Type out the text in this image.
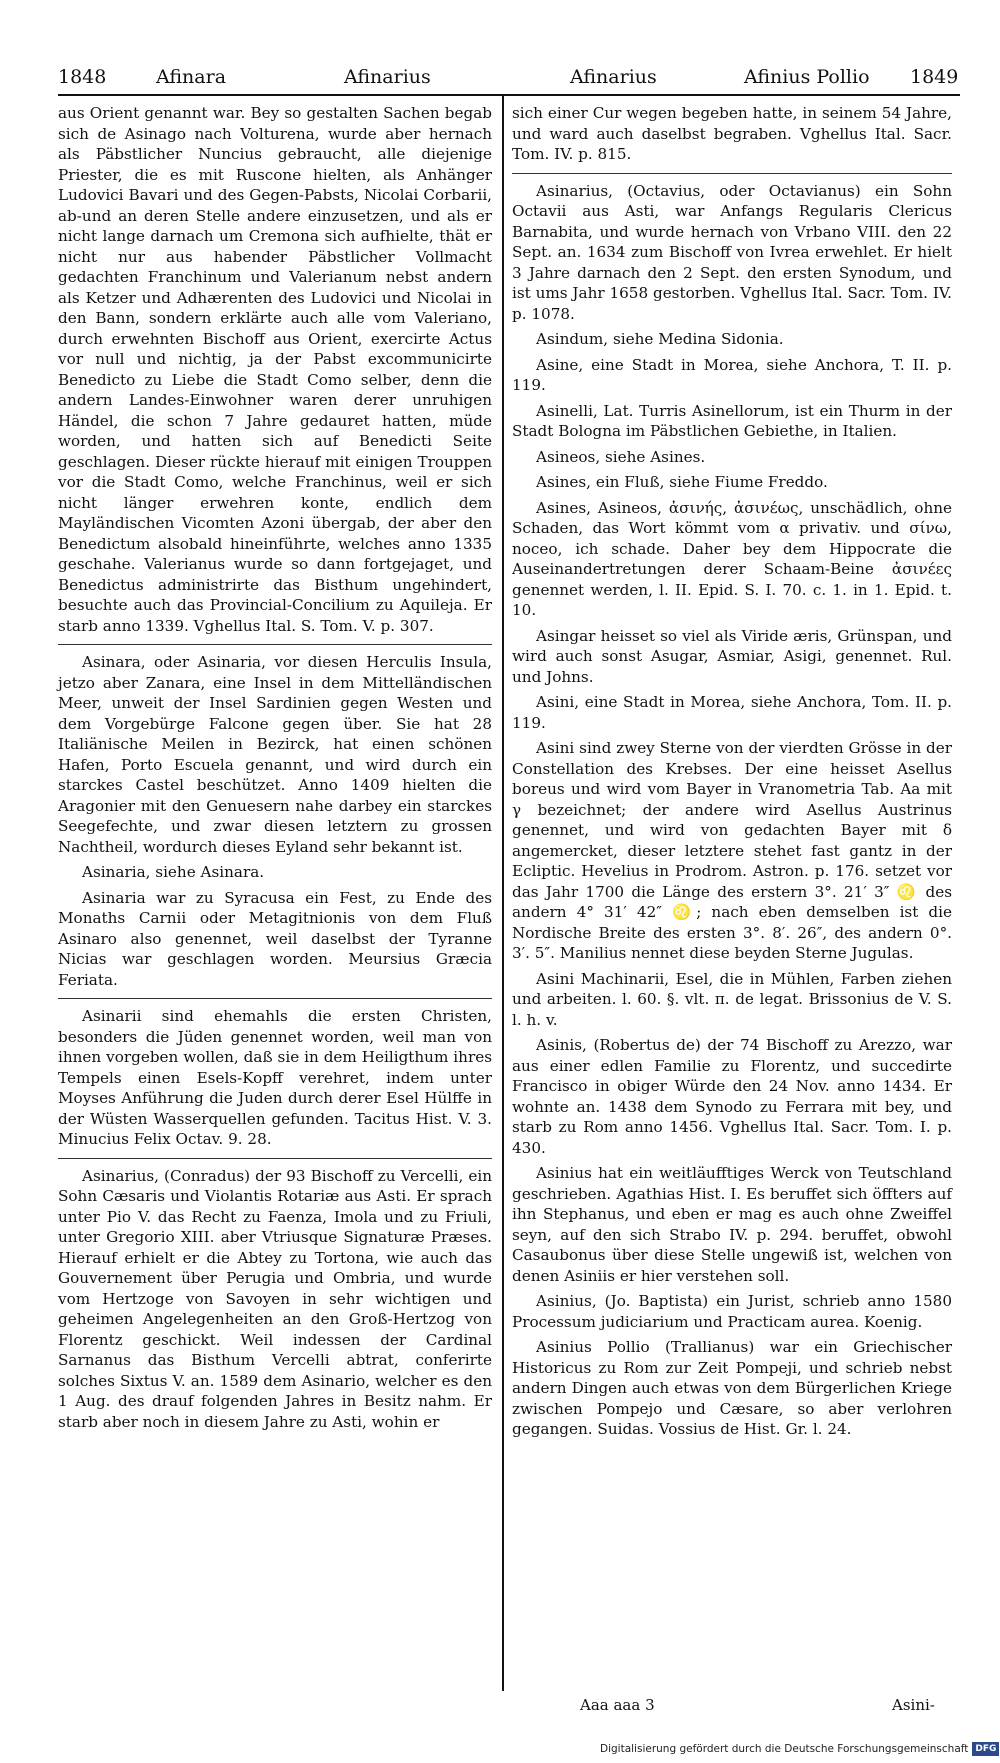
1848	Afinara	Afinarius	Afinarius	Afinius Pollio 1849

aus Orient genannt war. Bey so gestalten Sachen begab sich de Asinago nach Volturena, wurde aber hernach als Päbstlicher Nuncius gebraucht, alle diejenige Priester, die es mit Ruscone hielten, als Anhänger Ludovici Bavari und des Gegen-Pabsts, Nicolai Corbarii, ab-und an deren Stelle andere einzusetzen, und als er nicht lange darnach um Cremona sich aufhielte, thät er nicht nur aus habender Päbstlicher Vollmacht gedachten Franchinum und Valerianum nebst andern als Ketzer und Adhærenten des Ludovici und Nicolai in den Bann, sondern erklärte auch alle vom Valeriano, durch erwehnten Bischoff aus Orient, exercirte Actus vor null und nichtig, ja der Pabst excommunicirte Benedicto zu Liebe die Stadt Como selber, denn die andern Landes-Einwohner waren derer unruhigen Händel, die schon 7 Jahre gedauret hatten, müde worden, und hatten sich auf Benedicti Seite geschlagen. Dieser rückte hierauf mit einigen Trouppen vor die Stadt Como, welche Franchinus, weil er sich nicht länger erwehren konte, endlich dem Mayländischen Vicomten Azoni übergab, der aber den Benedictum alsobald hineinführte, welches anno 1335 geschahe. Valerianus wurde so dann fortgejaget, und Benedictus administrirte das Bisthum ungehindert, besuchte auch das Provincial-Concilium zu Aquileja. Er starb anno 1339. Vghellus Ital. S. Tom. V. p. 307.

Asinara, oder Asinaria, vor diesen Herculis Insula, jetzo aber Zanara, eine Insel in dem Mittelländischen Meer, unweit der Insel Sardinien gegen Westen und dem Vorgebürge Falcone gegen über. Sie hat 28 Italiänische Meilen in Bezirck, hat einen schönen Hafen, Porto Escuela genannt, und wird durch ein starckes Castel beschützet. Anno 1409 hielten die Aragonier mit den Genuesern nahe darbey ein starckes Seegefechte, und zwar diesen letztern zu grossen Nachtheil, wordurch dieses Eyland sehr bekannt ist.

Asinaria, siehe Asinara.

Asinaria war zu Syracusa ein Fest, zu Ende des Monaths Carnii oder Metagitnionis von dem Fluß Asinaro also genennet, weil daselbst der Tyranne Nicias war geschlagen worden. Meursius Græcia Feriata.

Asinarii sind ehemahls die ersten Christen, besonders die Jüden genennet worden, weil man von ihnen vorgeben wollen, daß sie in dem Heiligthum ihres Tempels einen Esels-Kopff verehret, indem unter Moyses Anführung die Juden durch derer Esel Hülffe in der Wüsten Wasserquellen gefunden. Tacitus Hist. V. 3. Minucius Felix Octav. 9. 28.

Asinarius, (Conradus) der 93 Bischoff zu Vercelli, ein Sohn Cæsaris und Violantis Rotariæ aus Asti. Er sprach unter Pio V. das Recht zu Faenza, Imola und zu Friuli, unter Gregorio XIII. aber Vtriusque Signaturæ Præses. Hierauf erhielt er die Abtey zu Tortona, wie auch das Gouvernement über Perugia und Ombria, und wurde vom Hertzoge von Savoyen in sehr wichtigen und geheimen Angelegenheiten an den Groß-Hertzog von Florentz geschickt. Weil indessen der Cardinal Sarnanus das Bisthum Vercelli abtrat, conferirte solches Sixtus V. an. 1589 dem Asinario, welcher es den 1 Aug. des drauf folgenden Jahres in Besitz nahm. Er starb aber noch in diesem Jahre zu Asti, wohin er

sich einer Cur wegen begeben hatte, in seinem 54 Jahre, und ward auch daselbst begraben. Vghellus Ital. Sacr. Tom. IV. p. 815.

Asinarius, (Octavius, oder Octavianus) ein Sohn Octavii aus Asti, war Anfangs Regularis Clericus Barnabita, und wurde hernach von Vrbano VIII. den 22 Sept. an. 1634 zum Bischoff von Ivrea erwehlet. Er hielt 3 Jahre darnach den 2 Sept. den ersten Synodum, und ist ums Jahr 1658 gestorben. Vghellus Ital. Sacr. Tom. IV. p. 1078.

Asindum, siehe Medina Sidonia.

Asine, eine Stadt in Morea, siehe Anchora, T. II. p. 119.

Asinelli, Lat. Turris Asinellorum, ist ein Thurm in der Stadt Bologna im Päbstlichen Gebiethe, in Italien.

Asineos, siehe Asines.

Asines, ein Fluß, siehe Fiume Freddo.

Asines, Asineos, ἀσινής, ἀσινέως, unschädlich, ohne Schaden, das Wort kömmt vom α privativ. und σίνω, noceo, ich schade. Daher bey dem Hippocrate die Auseinandertretungen derer Schaam-Beine ἀσινέες genennet werden, l. II. Epid. S. I. 70. c. 1. in 1. Epid. t. 10.

Asingar heisset so viel als Viride æris, Grünspan, und wird auch sonst Asugar, Asmiar, Asigi, genennet. Rul. und Johns.

Asini, eine Stadt in Morea, siehe Anchora, Tom. II. p. 119.

Asini sind zwey Sterne von der vierdten Grösse in der Constellation des Krebses. Der eine heisset Asellus boreus und wird vom Bayer in Vranometria Tab. Aa mit γ bezeichnet; der andere wird Asellus Austrinus genennet, und wird von gedachten Bayer mit δ angemercket, dieser letztere stehet fast gantz in der Ecliptic. Hevelius in Prodrom. Astron. p. 176. setzet vor das Jahr 1700 die Länge des erstern 3°. 21′ 3″ ♌ des andern 4° 31′ 42″ ♌; nach eben demselben ist die Nordische Breite des ersten 3°. 8′. 26″, des andern 0°. 3′. 5″. Manilius nennet diese beyden Sterne Jugulas.

Asini Machinarii, Esel, die in Mühlen, Farben ziehen und arbeiten. l. 60. §. vlt. π. de legat. Brissonius de V. S. l. h. v.

Asinis, (Robertus de) der 74 Bischoff zu Arezzo, war aus einer edlen Familie zu Florentz, und succedirte Francisco in obiger Würde den 24 Nov. anno 1434. Er wohnte an. 1438 dem Synodo zu Ferrara mit bey, und starb zu Rom anno 1456. Vghellus Ital. Sacr. Tom. I. p. 430.

Asinius hat ein weitläufftiges Werck von Teutschland geschrieben. Agathias Hist. I. Es beruffet sich öffters auf ihn Stephanus, und eben er mag es auch ohne Zweiffel seyn, auf den sich Strabo IV. p. 294. beruffet, obwohl Casaubonus über diese Stelle ungewiß ist, welchen von denen Asiniis er hier verstehen soll.

Asinius, (Jo. Baptista) ein Jurist, schrieb anno 1580 Processum judiciarium und Practicam aurea. Koenig.

Asinius Pollio (Trallianus) war ein Griechischer Historicus zu Rom zur Zeit Pompeji, und schrieb nebst andern Dingen auch etwas von dem Bürgerlichen Kriege zwischen Pompejo und Cæsare, so aber verlohren gegangen. Suidas. Vossius de Hist. Gr. l. 24.

Aaa aaa 3	Asini-
Digitalisierung gefördert durch die Deutsche Forschungsgemeinschaft DFG
